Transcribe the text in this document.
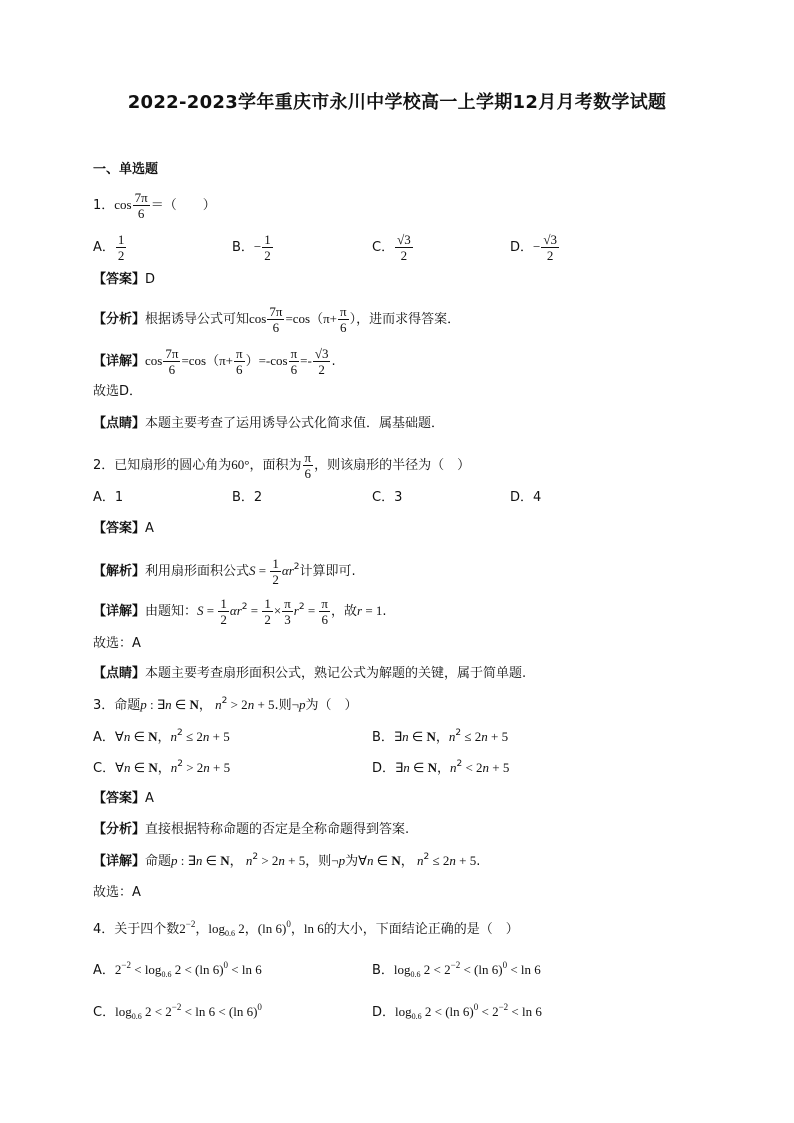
2022-2023学年重庆市永川中学校高一上学期12月月考数学试题
一、单选题
1．$\cos \frac{7\pi}{6}$ ＝（　　）
A． $\frac{1}{2}$	B．− $\frac{1}{2}$	C． $\frac{√3}{2}$	D．− $\frac{√3}{2}$
【答案】D
【分析】根据诱导公式可知$\cos \frac{7\pi}{6} =\cos(\pi+ \frac{\pi}{6}$ ），进而求得答案．
【详解】$\cos \frac{7\pi}{6} =\cos(\pi+ \frac{\pi}{6} )=-\cos \frac{\pi}{6} =- \frac{√3}{2}$ .
故选D．
【点睛】本题主要考查了运用诱导公式化简求值．属基础题．
2．已知扇形的圆心角为60°，面积为 $\frac{\pi}{6}$ ，则该扇形的半径为（　）
A．1	B．2	C．3	D．4
【答案】A
【解析】利用扇形面积公式$S = \frac{1}{2} \alpha r^2$计算即可.
【详解】由题知：$S = \frac{1}{2} \alpha r^2 = \frac{1}{2} \times \frac{\pi}{3} r^2 = \frac{\pi}{6}$ ，故r = 1.
故选：A
【点睛】本题主要考查扇形面积公式，熟记公式为解题的关键，属于简单题.
3．命题p : ∃n ∈ N， $n^2 > 2n + 5$.则¬p为（　）
A．∀n ∈ N，$n^2 \le 2n + 5$	B．∃n ∈ N，$n^2 \le 2n + 5$
C．∀n ∈ N，$n^2 > 2n + 5$	D．∃n ∈ N，$n^2 < 2n + 5$
【答案】A
【分析】直接根据特称命题的否定是全称命题得到答案.
【详解】命题p : ∃n ∈ N， $n^2 > 2n + 5$，则¬p为∀n ∈ N， $n^2 \le 2n + 5$.
故选：A
4．关于四个数$2^{-2}$，$\log_{0.6} 2$，(ln 6)$^0$，ln 6的大小，下面结论正确的是（　）
A．$2^{-2} < \log_{0.6} 2 < (\ln$ 6)$^0$ < ln 6	B．$\log_{0.6} 2 < 2^{-2} < (\ln$ 6)$^0$ < ln 6
C．$\log_{0.6} 2 < 2^{-2} < \ln 6 < (\ln$ 6)$^0$	D．$\log_{0.6} 2 < (\ln$ $6)^0 < 2^{-2} < \ln 6$
